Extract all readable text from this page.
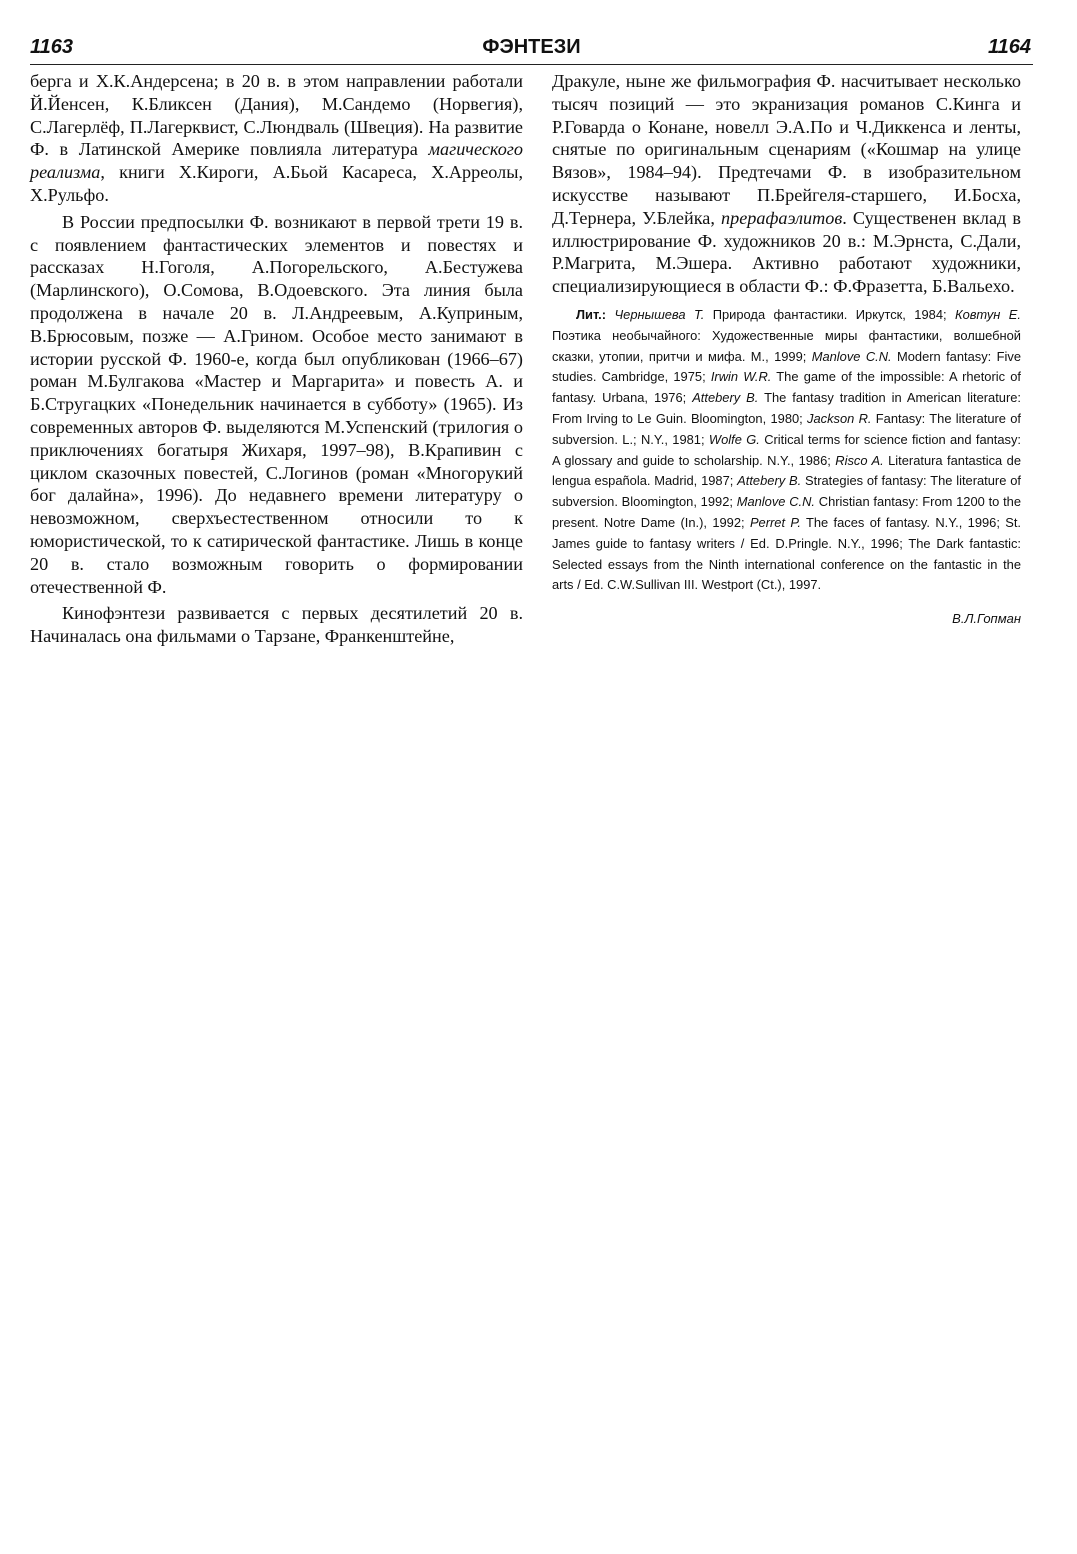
1163	ФЭНТЕЗИ	1164

берга и Х.К.Андерсена; в 20 в. в этом направлении работали Й.Йенсен, К.Бликсен (Дания), М.Сандемо (Норвегия), С.Лагерлёф, П.Лагерквист, С.Люндваль (Швеция). На развитие Ф. в Латинской Америке повлияла литература магического реализма, книги Х.Кироги, А.Бьой Касареса, Х.Арреолы, Х.Рульфо.

В России предпосылки Ф. возникают в первой трети 19 в. с появлением фантастических элементов и повестях и рассказах Н.Гоголя, А.Погорельского, А.Бестужева (Марлинского), О.Сомова, В.Одоевского. Эта линия была продолжена в начале 20 в. Л.Андреевым, А.Куприным, В.Брюсовым, позже — А.Грином. Особое место занимают в истории русской Ф. 1960-е, когда был опубликован (1966–67) роман М.Булгакова «Мастер и Маргарита» и повесть А. и Б.Стругацких «Понедельник начинается в субботу» (1965). Из современных авторов Ф. выделяются М.Успенский (трилогия о приключениях богатыря Жихаря, 1997–98), В.Крапивин с циклом сказочных повестей, С.Логинов (роман «Многорукий бог далайна», 1996). До недавнего времени литературу о невозможном, сверхъестественном относили то к юмористической, то к сатирической фантастике. Лишь в конце 20 в. стало возможным говорить о формировании отечественной Ф.

Кинофэнтези развивается с первых десятилетий 20 в. Начиналась она фильмами о Тарзане, Франкенштейне,

Дракуле, ныне же фильмография Ф. насчитывает несколько тысяч позиций — это экранизация романов С.Кинга и Р.Говарда о Конане, новелл Э.А.По и Ч.Диккенса и ленты, снятые по оригинальным сценариям («Кошмар на улице Вязов», 1984–94). Предтечами Ф. в изобразительном искусстве называют П.Брейгеля-старшего, И.Босха, Д.Тернера, У.Блейка, прерафаэлитов. Существенен вклад в иллюстрирование Ф. художников 20 в.: М.Эрнста, С.Дали, Р.Магрита, М.Эшера. Активно работают художники, специализирующиеся в области Ф.: Ф.Фразетта, Б.Вальехо.

Лит.: Чернышева Т. Природа фантастики. Иркутск, 1984; Ковтун Е. Поэтика необычайного: Художественные миры фантастики, волшебной сказки, утопии, притчи и мифа. М., 1999; Manlove C.N. Modern fantasy: Five studies. Cambridge, 1975; Irwin W.R. The game of the impossible: A rhetoric of fantasy. Urbana, 1976; Attebery B. The fantasy tradition in American literature: From Irving to Le Guin. Bloomington, 1980; Jackson R. Fantasy: The literature of subversion. L.; N.Y., 1981; Wolfe G. Critical terms for science fiction and fantasy: A glossary and guide to scholarship. N.Y., 1986; Risco A. Literatura fantastica de lengua española. Madrid, 1987; Attebery B. Strategies of fantasy: The literature of subversion. Bloomington, 1992; Manlove C.N. Christian fantasy: From 1200 to the present. Notre Dame (In.), 1992; Perret P. The faces of fantasy. N.Y., 1996; St. James guide to fantasy writers / Ed. D.Pringle. N.Y., 1996; The Dark fantastic: Selected essays from the Ninth international conference on the fantastic in the arts / Ed. C.W.Sullivan III. Westport (Ct.), 1997.

В.Л.Гопман
